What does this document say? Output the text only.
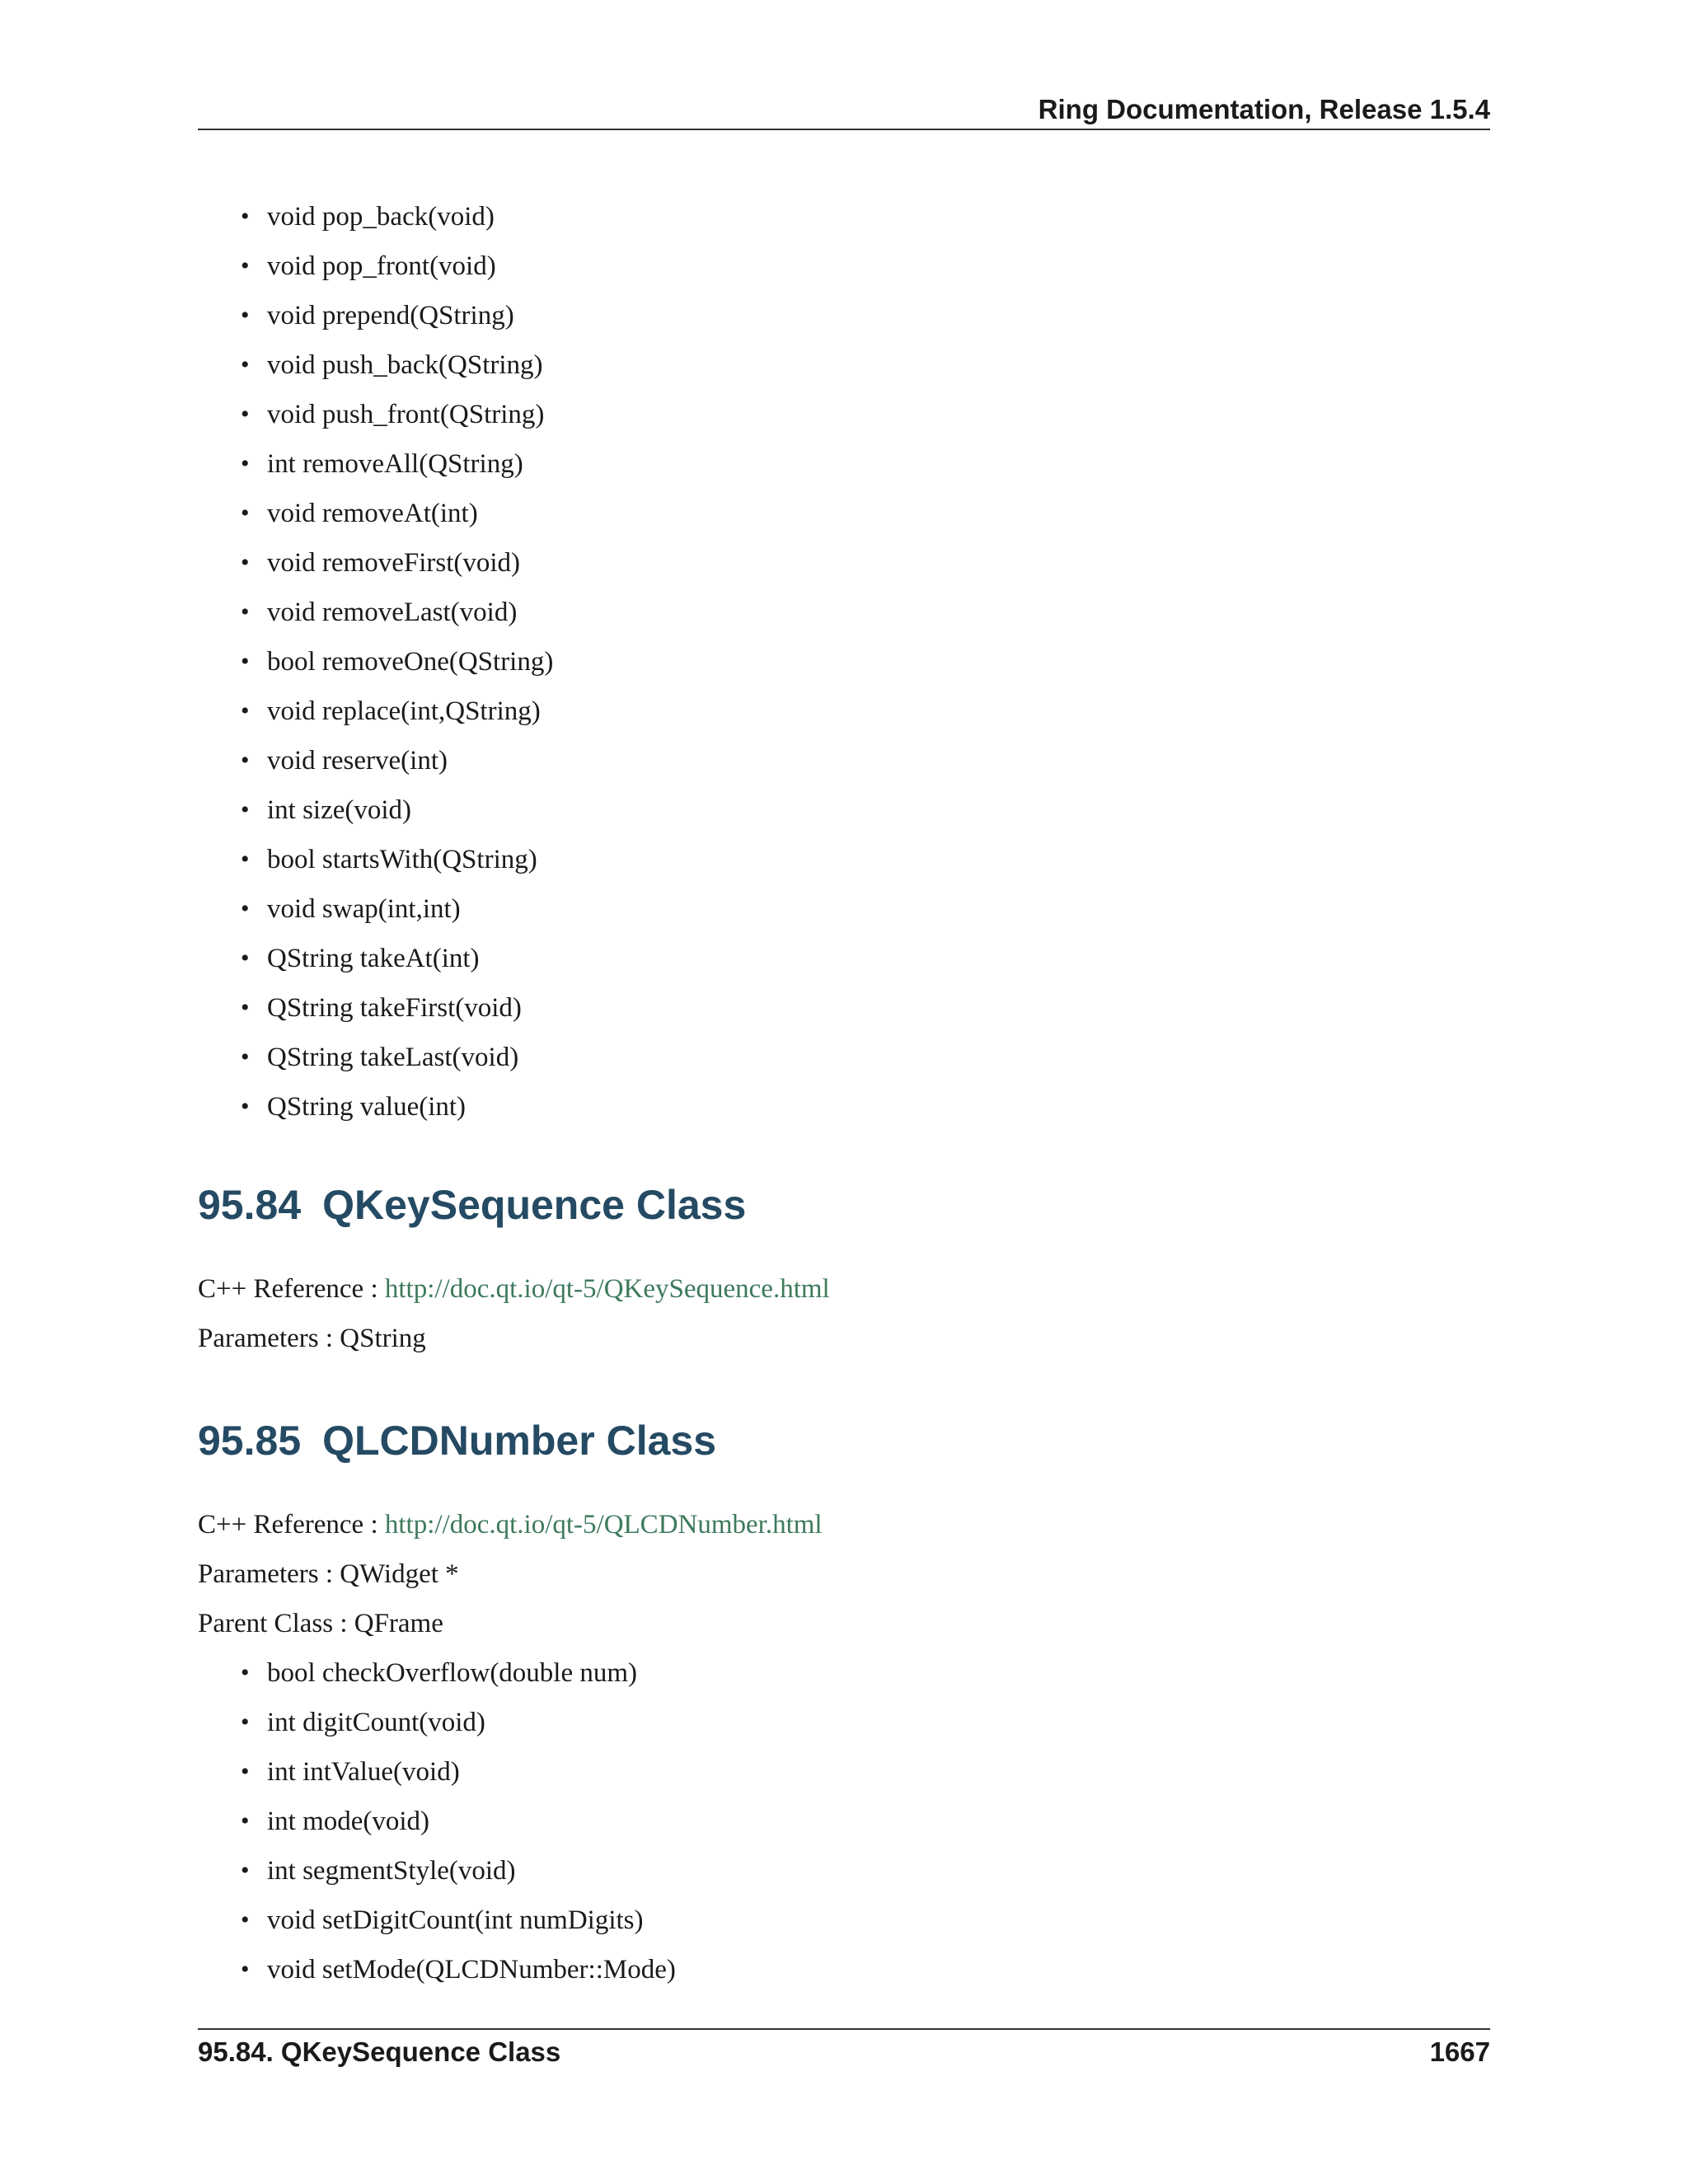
Ring Documentation, Release 1.5.4
• void pop_back(void)
• void pop_front(void)
• void prepend(QString)
• void push_back(QString)
• void push_front(QString)
• int removeAll(QString)
• void removeAt(int)
• void removeFirst(void)
• void removeLast(void)
• bool removeOne(QString)
• void replace(int,QString)
• void reserve(int)
• int size(void)
• bool startsWith(QString)
• void swap(int,int)
• QString takeAt(int)
• QString takeFirst(void)
• QString takeLast(void)
• QString value(int)
95.84 QKeySequence Class

C++ Reference : http://doc.qt.io/qt-5/QKeySequence.html

Parameters : QString

95.85 QLCDNumber Class

C++ Reference : http://doc.qt.io/qt-5/QLCDNumber.html

Parameters : QWidget *

Parent Class : QFrame

• bool checkOverflow(double num)
• int digitCount(void)
• int intValue(void)
• int mode(void)
• int segmentStyle(void)
• void setDigitCount(int numDigits)
• void setMode(QLCDNumber::Mode)
95.84. QKeySequence Class	1667
